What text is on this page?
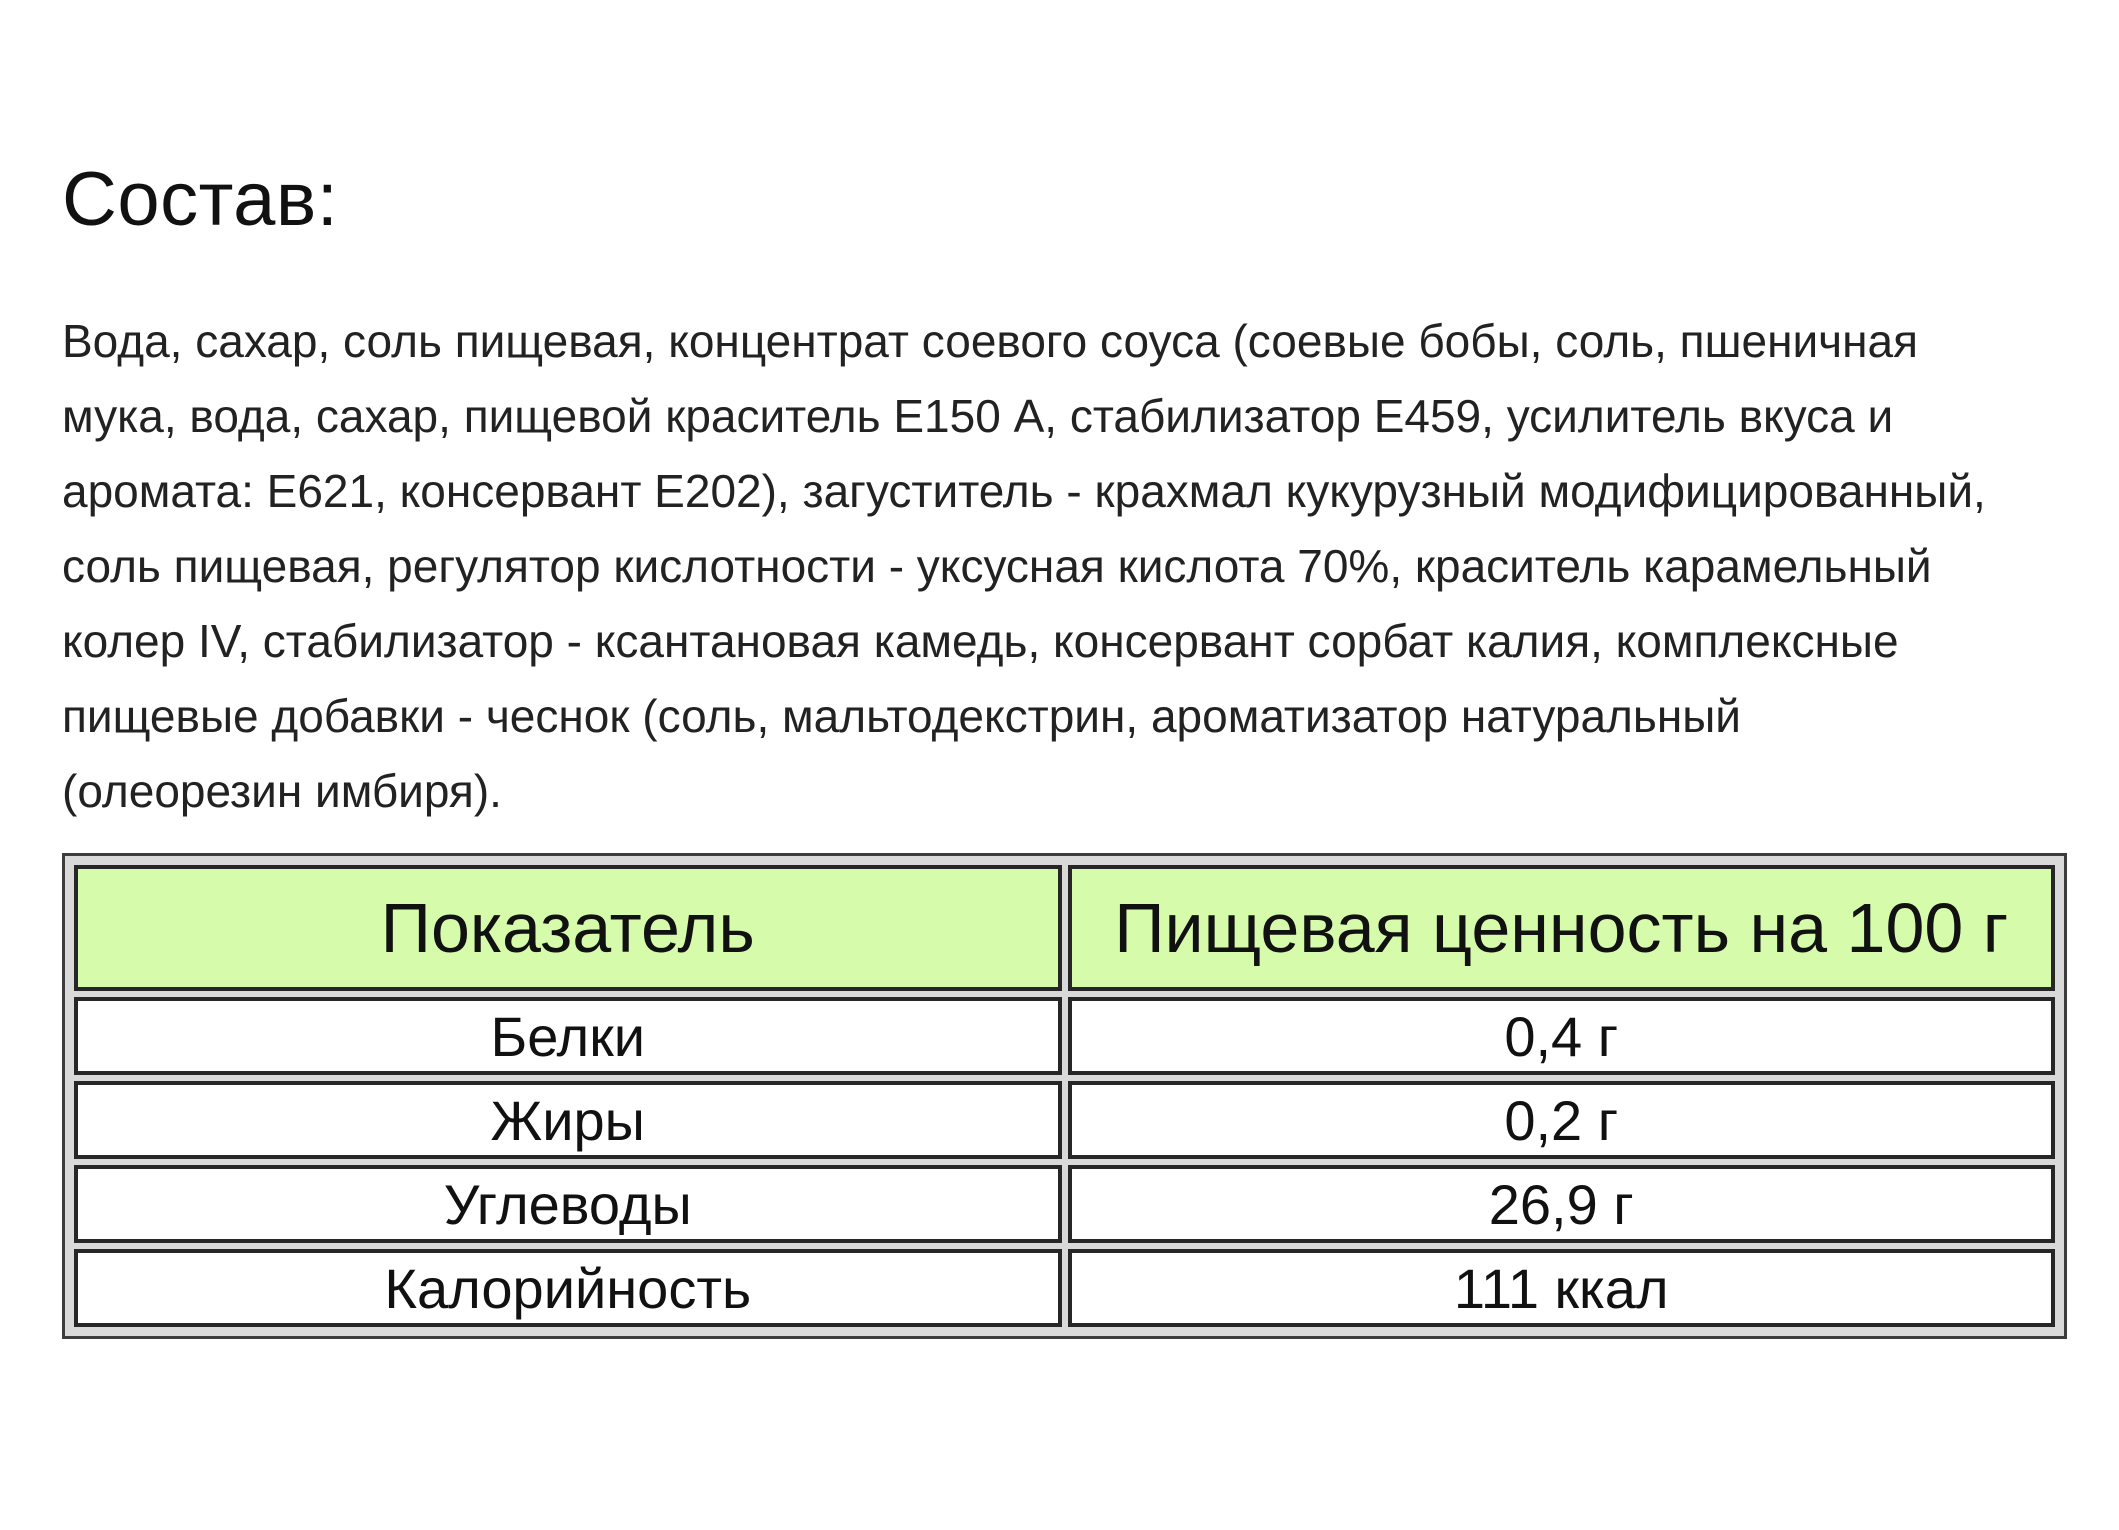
Состав:
Вода, сахар, соль пищевая, концентрат соевого соуса (соевые бобы, соль, пшеничная
мука, вода, сахар, пищевой краситель Е150 А, стабилизатор Е459, усилитель вкуса и
аромата: Е621, консервант Е202), загуститель - крахмал кукурузный модифицированный,
соль пищевая, регулятор кислотности - уксусная кислота 70%, краситель карамельный
колер IV, стабилизатор - ксантановая камедь, консервант сорбат калия, комплексные
пищевые добавки - чеснок (соль, мальтодекстрин, ароматизатор натуральный
(олеорезин имбиря).
Показатель	Пищевая ценность на 100 г
Белки	0,4 г
Жиры	0,2 г
Углеводы	26,9 г
Калорийность	111 ккал
